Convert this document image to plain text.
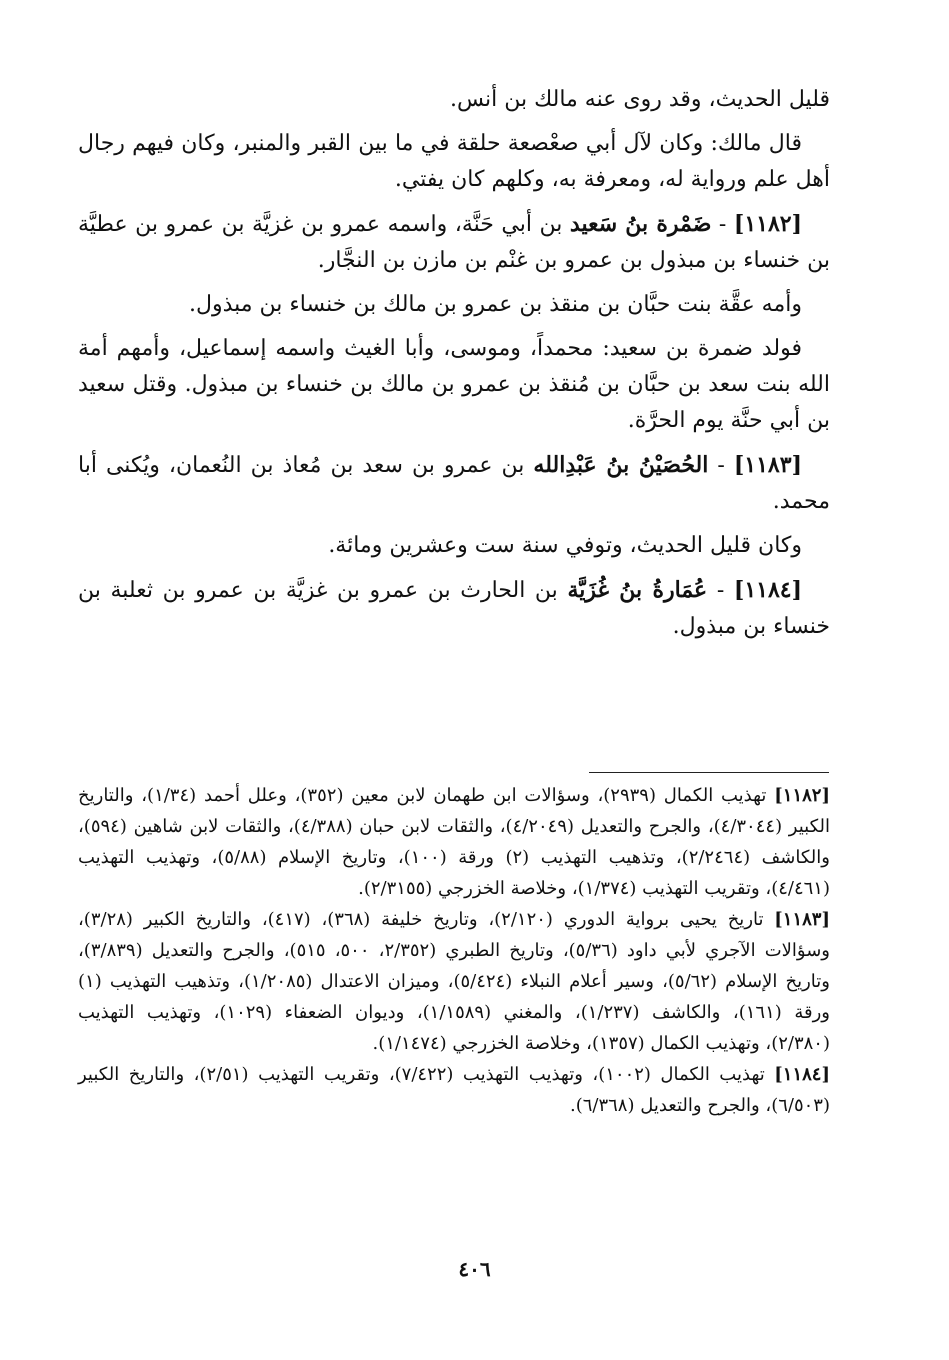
قليل الحديث، وقد روى عنه مالك بن أنس.

قال مالك: وكان لآل أبي صعْصعة حلقة في ما بين القبر والمنبر، وكان فيهم رجال أهل علم ورواية له، ومعرفة به، وكلهم كان يفتي.

[١١٨٢] - ضَمْرة بنُ سَعيد بن أبي حَنَّة، واسمه عمرو بن غزيَّة بن عمرو بن عطيَّة بن خنساء بن مبذول بن عمرو بن غنْم بن مازن بن النجَّار.

وأمه عقَّة بنت حبَّان بن منقذ بن عمرو بن مالك بن خنساء بن مبذول.

فولد ضمرة بن سعيد: محمداً، وموسى، وأبا الغيث واسمه إسماعيل، وأمهم أمة الله بنت سعد بن حبَّان بن مُنقذ بن عمرو بن مالك بن خنساء بن مبذول. وقتل سعيد بن أبي حنَّة يوم الحرَّة.

[١١٨٣] - الحُصَيْنُ بنُ عَبْدِالله بن عمرو بن سعد بن مُعاذ بن النُعمان، ويُكنى أبا محمد.

وكان قليل الحديث، وتوفي سنة ست وعشرين ومائة.

[١١٨٤] - عُمَارةُ بنُ غُزَيَّة بن الحارث بن عمرو بن غزيَّة بن عمرو بن ثعلبة بن خنساء بن مبذول.

[١١٨٢] تهذيب الكمال (٢٩٣٩)، وسؤالات ابن طهمان لابن معين (٣٥٢)، وعلل أحمد (١/٣٤)، والتاريخ الكبير (٤/٣٠٤٤)، والجرح والتعديل (٤/٢٠٤٩)، والثقات لابن حبان (٤/٣٨٨)، والثقات لابن شاهين (٥٩٤)، والكاشف (٢/٢٤٦٤)، وتذهيب التهذيب (٢) ورقة (١٠٠)، وتاريخ الإسلام (٥/٨٨)، وتهذيب التهذيب (٤/٤٦١)، وتقريب التهذيب (١/٣٧٤)، وخلاصة الخزرجي (٢/٣١٥٥).

[١١٨٣] تاريخ يحيى برواية الدوري (٢/١٢٠)، وتاريخ خليفة (٣٦٨)، (٤١٧)، والتاريخ الكبير (٣/٢٨)، وسؤالات الآجري لأبي داود (٥/٣٦)، وتاريخ الطبري (٢/٣٥٢، ٥٠٠، ٥١٥)، والجرح والتعديل (٣/٨٣٩)، وتاريخ الإسلام (٥/٦٢)، وسير أعلام النبلاء (٥/٤٢٤)، وميزان الاعتدال (١/٢٠٨٥)، وتذهيب التهذيب (١) ورقة (١٦١)، والكاشف (١/٢٣٧)، والمغني (١/١٥٨٩)، وديوان الضعفاء (١٠٢٩)، وتهذيب التهذيب (٢/٣٨٠)، وتهذيب الكمال (١٣٥٧)، وخلاصة الخزرجي (١/١٤٧٤).

[١١٨٤] تهذيب الكمال (١٠٠٢)، وتهذيب التهذيب (٧/٤٢٢)، وتقريب التهذيب (٢/٥١)، والتاريخ الكبير (٦/٥٠٣)، والجرح والتعديل (٦/٣٦٨).

٤٠٦
